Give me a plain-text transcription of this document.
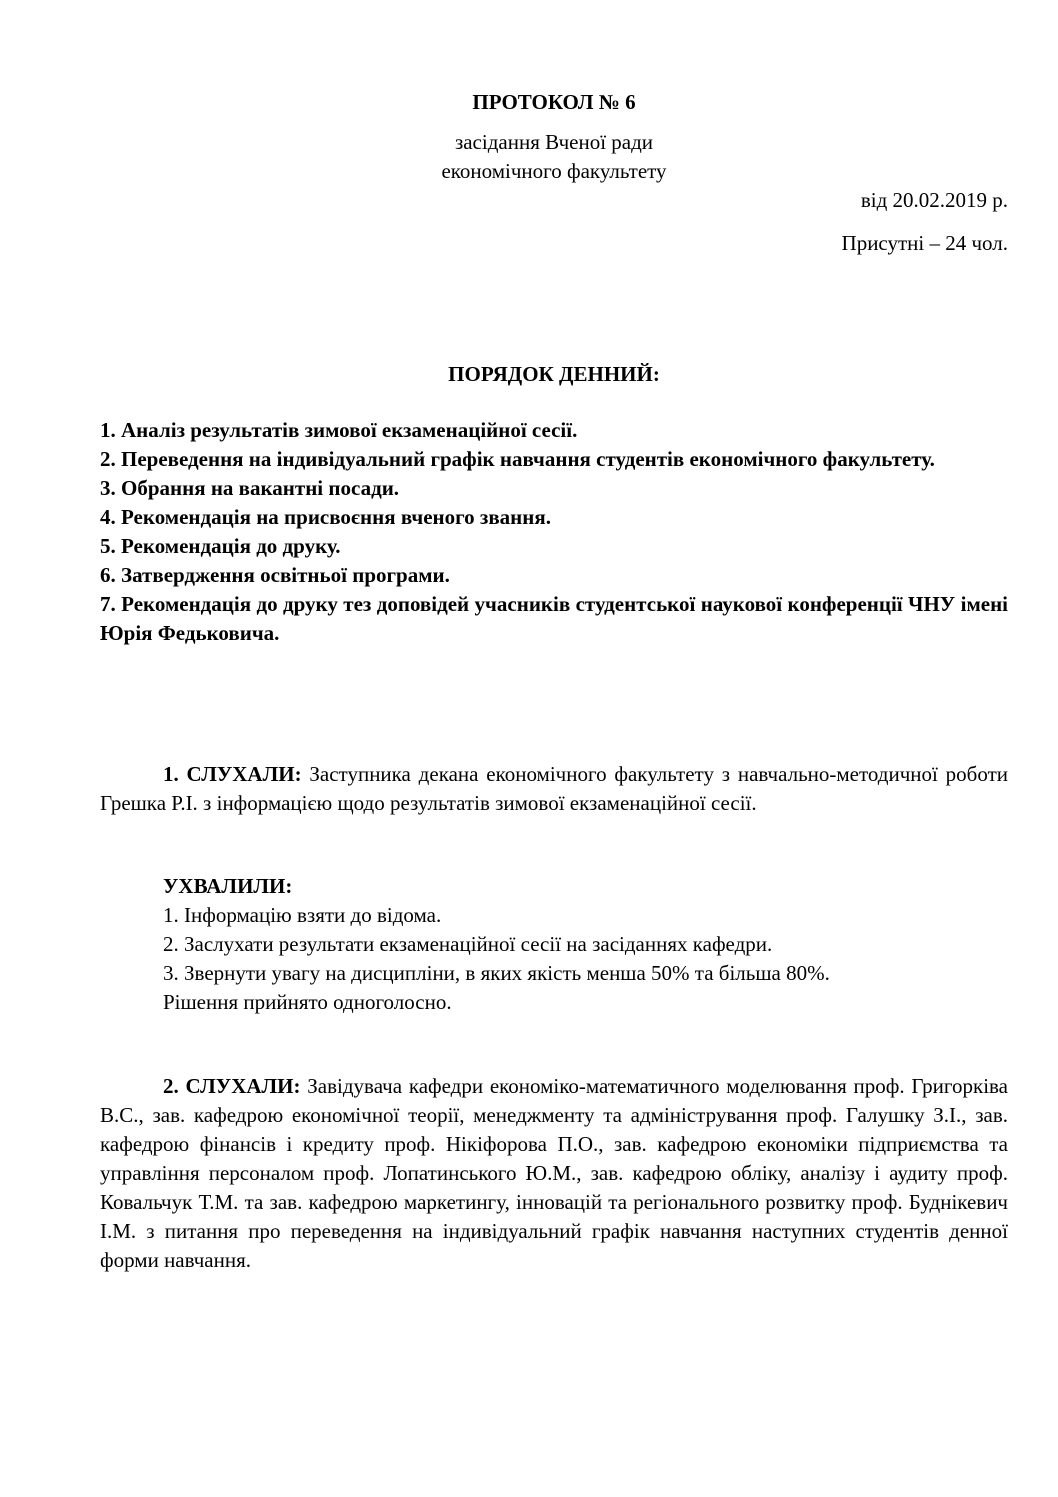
ПРОТОКОЛ № 6
засідання Вченої ради
економічного факультету
від 20.02.2019 р.
Присутні – 24 чол.
ПОРЯДОК ДЕННИЙ:
1. Аналіз результатів зимової екзаменаційної сесії.
2. Переведення на індивідуальний графік навчання студентів економічного факультету.
3. Обрання на вакантні посади.
4. Рекомендація на присвоєння вченого звання.
5. Рекомендація до друку.
6. Затвердження освітньої програми.
7. Рекомендація до друку тез доповідей учасників студентської наукової конференції ЧНУ імені Юрія Федьковича.
1. СЛУХАЛИ: Заступника декана економічного факультету з навчально-методичної роботи Грешка Р.І. з інформацією щодо результатів зимової екзаменаційної сесії.
УХВАЛИЛИ:
1. Інформацію взяти до відома.
2. Заслухати результати екзаменаційної сесії на засіданнях кафедри.
3. Звернути увагу на дисципліни, в яких якість менша 50% та більша 80%.
Рішення прийнято одноголосно.
2. СЛУХАЛИ: Завідувача кафедри економіко-математичного моделювання проф. Григорківа В.С., зав. кафедрою економічної теорії, менеджменту та адміністрування проф. Галушку З.І., зав. кафедрою фінансів і кредиту проф. Нікіфорова П.О., зав. кафедрою економіки підприємства та управління персоналом проф. Лопатинського Ю.М., зав. кафедрою обліку, аналізу і аудиту проф. Ковальчук Т.М. та зав. кафедрою маркетингу, інновацій та регіонального розвитку проф. Буднікевич І.М. з питання про переведення на індивідуальний графік навчання наступних студентів денної форми навчання.
